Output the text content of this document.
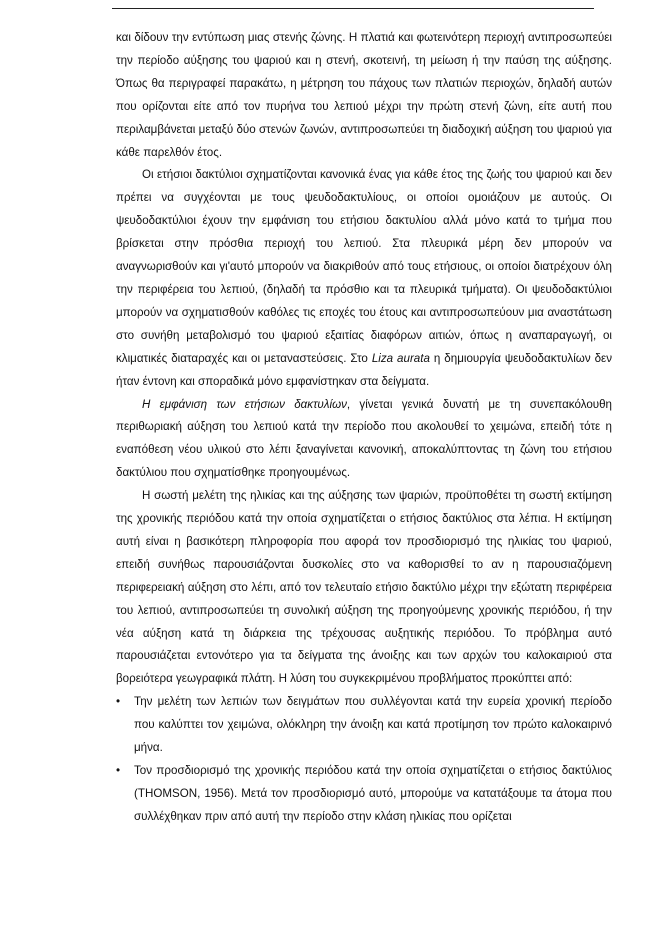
και δίδουν την εντύπωση μιας στενής ζώνης. Η πλατιά και φωτεινότερη περιοχή αντιπροσωπεύει την περίοδο αύξησης του ψαριού και η στενή, σκοτεινή, τη μείωση ή την παύση της αύξησης. Όπως θα περιγραφεί παρακάτω, η μέτρηση του πάχους των πλατιών περιοχών, δηλαδή αυτών που ορίζονται είτε από τον πυρήνα του λεπιού μέχρι την πρώτη στενή ζώνη, είτε αυτή που περιλαμβάνεται μεταξύ δύο στενών ζωνών, αντιπροσωπεύει τη διαδοχική αύξηση του ψαριού για κάθε παρελθόν έτος.

Οι ετήσιοι δακτύλιοι σχηματίζονται κανονικά ένας για κάθε έτος της ζωής του ψαριού και δεν πρέπει να συγχέονται με τους ψευδοδακτυλίους, οι οποίοι ομοιάζουν με αυτούς. Οι ψευδοδακτύλιοι έχουν την εμφάνιση του ετήσιου δακτυλίου αλλά μόνο κατά το τμήμα που βρίσκεται στην πρόσθια περιοχή του λεπιού. Στα πλευρικά μέρη δεν μπορούν να αναγνωρισθούν και γι'αυτό μπορούν να διακριθούν από τους ετήσιους, οι οποίοι διατρέχουν όλη την περιφέρεια του λεπιού, (δηλαδή τα πρόσθιο και τα πλευρικά τμήματα). Οι ψευδοδακτύλιοι μπορούν να σχηματισθούν καθόλες τις εποχές του έτους και αντιπροσωπεύουν μια αναστάτωση στο συνήθη μεταβολισμό του ψαριού εξαιτίας διαφόρων αιτιών, όπως η αναπαραγωγή, οι κλιματικές διαταραχές και οι μεταναστεύσεις. Στο Liza aurata η δημιουργία ψευδοδακτυλίων δεν ήταν έντονη και σποραδικά μόνο εμφανίστηκαν στα δείγματα.

Η εμφάνιση των ετήσιων δακτυλίων, γίνεται γενικά δυνατή με τη συνεπακόλουθη περιθωριακή αύξηση του λεπιού κατά την περίοδο που ακολουθεί το χειμώνα, επειδή τότε η εναπόθεση νέου υλικού στο λέπι ξαναγίνεται κανονική, αποκαλύπτοντας τη ζώνη του ετήσιου δακτύλιου που σχηματίσθηκε προηγουμένως.

Η σωστή μελέτη της ηλικίας και της αύξησης των ψαριών, προϋποθέτει τη σωστή εκτίμηση της χρονικής περιόδου κατά την οποία σχηματίζεται ο ετήσιος δακτύλιος στα λέπια. Η εκτίμηση αυτή είναι η βασικότερη πληροφορία που αφορά τον προσδιορισμό της ηλικίας του ψαριού, επειδή συνήθως παρουσιάζονται δυσκολίες στο να καθορισθεί το αν η παρουσιαζόμενη περιφερειακή αύξηση στο λέπι, από τον τελευταίο ετήσιο δακτύλιο μέχρι την εξώτατη περιφέρεια του λεπιού, αντιπροσωπεύει τη συνολική αύξηση της προηγούμενης χρονικής περιόδου, ή την νέα αύξηση κατά τη διάρκεια της τρέχουσας αυξητικής περιόδου. Το πρόβλημα αυτό παρουσιάζεται εντονότερο για τα δείγματα της άνοιξης και των αρχών του καλοκαιριού στα βορειότερα γεωγραφικά πλάτη. Η λύση του συγκεκριμένου προβλήματος προκύπτει από:

• Την μελέτη των λεπιών των δειγμάτων που συλλέγονται κατά την ευρεία χρονική περίοδο που καλύπτει τον χειμώνα, ολόκληρη την άνοιξη και κατά προτίμηση τον πρώτο καλοκαιρινό μήνα.
• Τον προσδιορισμό της χρονικής περιόδου κατά την οποία σχηματίζεται ο ετήσιος δακτύλιος (THOMSON, 1956). Μετά τον προσδιορισμό αυτό, μπορούμε να κατατάξουμε τα άτομα που συλλέχθηκαν πριν από αυτή την περίοδο στην κλάση ηλικίας που ορίζεται
